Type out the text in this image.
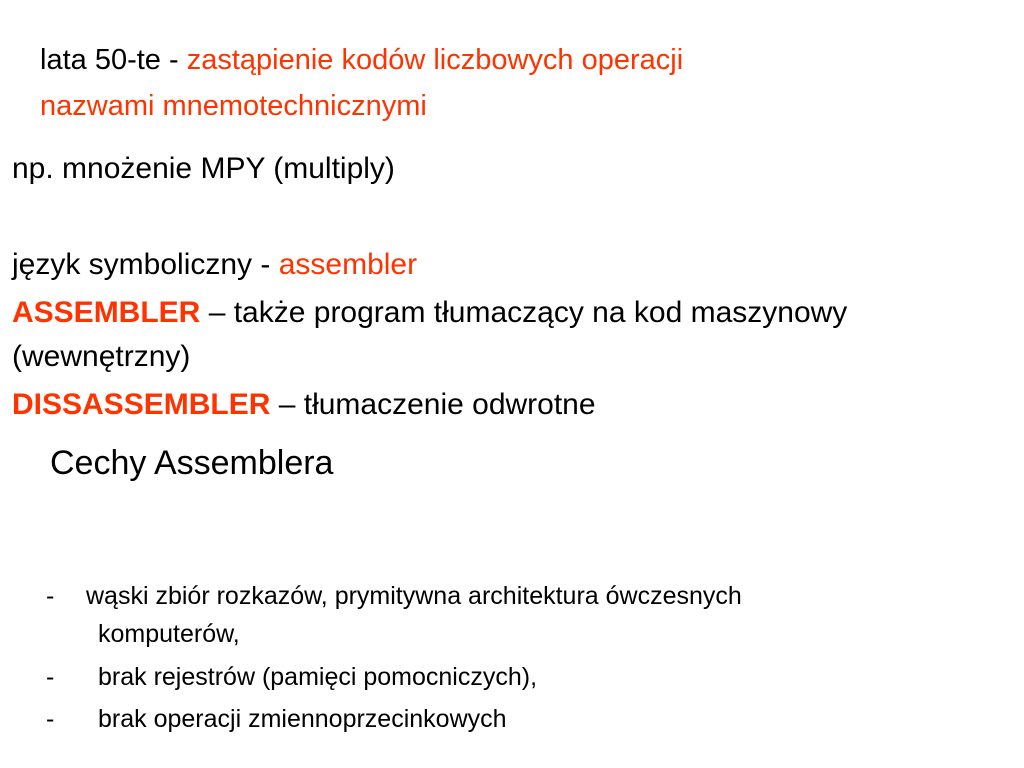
lata 50-te - zastąpienie kodów liczbowych operacji
nazwami mnemotechnicznymi
np. mnożenie MPY (multiply)
język symboliczny - assembler
ASSEMBLER – także program tłumaczący na kod maszynowy
(wewnętrzny)
DISSASSEMBLER – tłumaczenie odwrotne
Cechy Assemblera
- wąski zbiór rozkazów, prymitywna architektura ówczesnych
komputerów,
- brak rejestrów (pamięci pomocniczych),
- brak operacji zmiennoprzecinkowych
